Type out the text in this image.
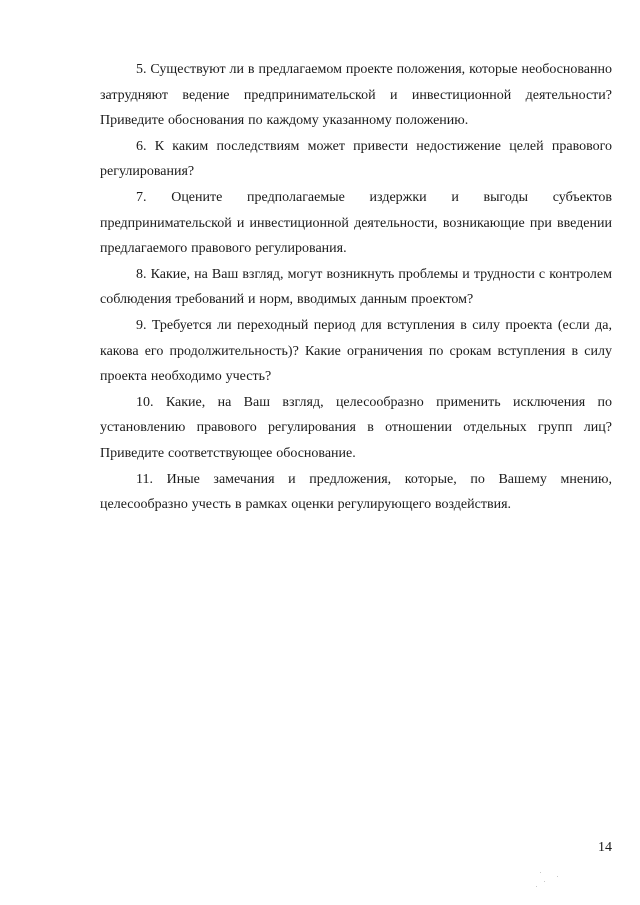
5. Существуют ли в предлагаемом проекте положения, которые необоснованно затрудняют ведение предпринимательской и инвестиционной деятельности? Приведите обоснования по каждому указанному положению.

6. К каким последствиям может привести недостижение целей правового регулирования?

7. Оцените предполагаемые издержки и выгоды субъектов предпринимательской и инвестиционной деятельности, возникающие при введении предлагаемого правового регулирования.

8. Какие, на Ваш взгляд, могут возникнуть проблемы и трудности с контролем соблюдения требований и норм, вводимых данным проектом?

9. Требуется ли переходный период для вступления в силу проекта (если да, какова его продолжительность)? Какие ограничения по срокам вступления в силу проекта необходимо учесть?

10. Какие, на Ваш взгляд, целесообразно применить исключения по установлению правового регулирования в отношении отдельных групп лиц? Приведите соответствующее обоснование.

11. Иные замечания и предложения, которые, по Вашему мнению, целесообразно учесть в рамках оценки регулирующего воздействия.

14
